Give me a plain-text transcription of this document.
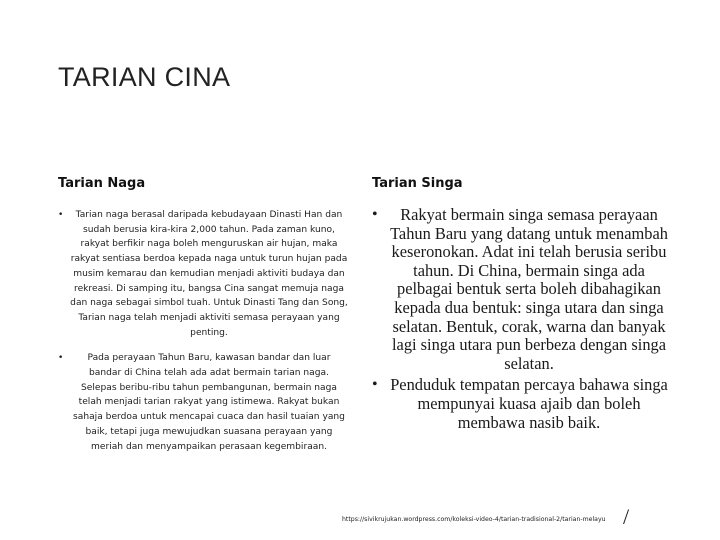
TARIAN CINA
Tarian Naga
• Tarian naga berasal daripada kebudayaan Dinasti Han dan sudah berusia kira-kira 2,000 tahun. Pada zaman kuno, rakyat berfikir naga boleh menguruskan air hujan, maka rakyat sentiasa berdoa kepada naga untuk turun hujan pada musim kemarau dan kemudian menjadi aktiviti budaya dan rekreasi. Di samping itu, bangsa Cina sangat memuja naga dan naga sebagai simbol tuah. Untuk Dinasti Tang dan Song, Tarian naga telah menjadi aktiviti semasa perayaan yang penting.
•	Pada perayaan Tahun Baru, kawasan bandar dan luar bandar di China telah ada adat bermain tarian naga. Selepas beribu-ribu tahun pembangunan, bermain naga telah menjadi tarian rakyat yang istimewa. Rakyat bukan sahaja berdoa untuk mencapai cuaca dan hasil tuaian yang baik, tetapi juga mewujudkan suasana perayaan yang meriah dan menyampaikan perasaan kegembiraan.
Tarian Singa
• Rakyat bermain singa semasa perayaan Tahun Baru yang datang untuk menambah keseronokan. Adat ini telah berusia seribu tahun. Di China, bermain singa ada pelbagai bentuk serta boleh dibahagikan kepada dua bentuk: singa utara dan singa selatan. Bentuk, corak, warna dan banyak lagi singa utara pun berbeza dengan singa selatan.
• Penduduk tempatan percaya bahawa singa mempunyai kuasa ajaib dan boleh membawa nasib baik.
https://sivikrujukan.wordpress.com/koleksi-video-4/tarian-tradisional-2/tarian-melayu /
